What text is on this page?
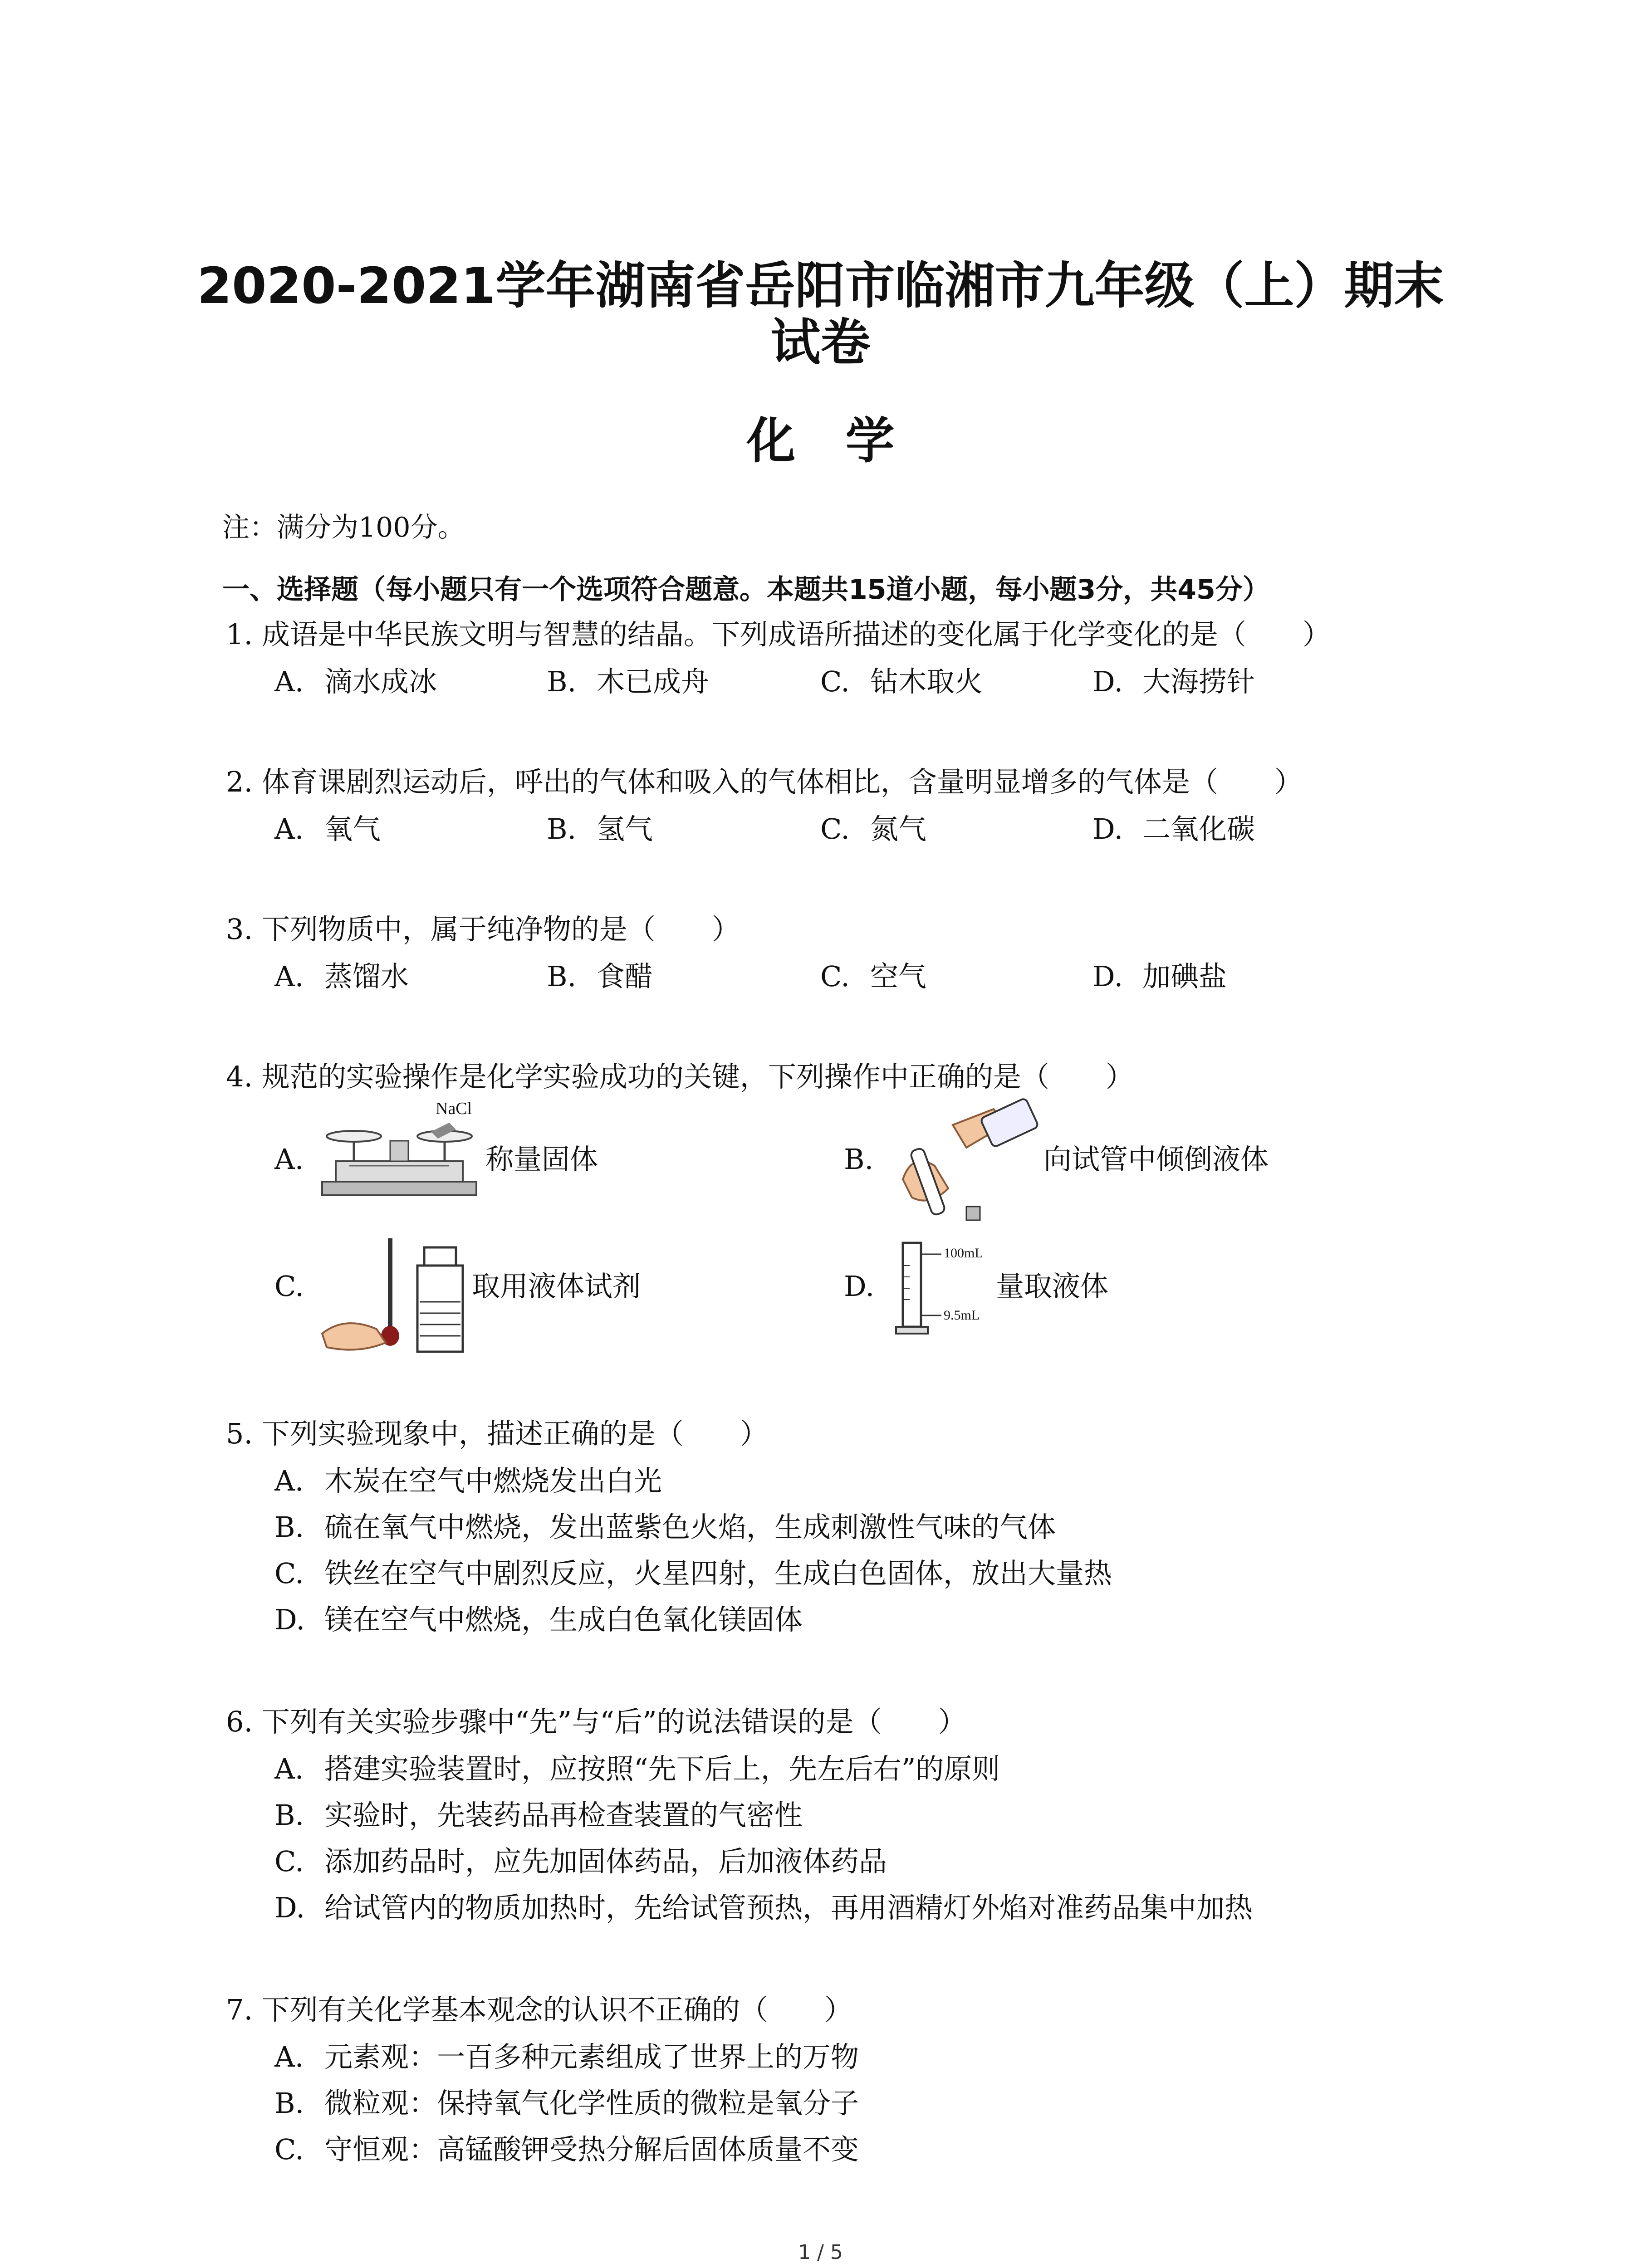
2020-2021学年湖南省岳阳市临湘市九年级（上）期末
试卷
化学
注：满分为100分。
一、选择题（每小题只有一个选项符合题意。本题共15道小题，每小题3分，共45分）
1. 成语是中华民族文明与智慧的结晶。下列成语所描述的变化属于化学变化的是（　　）
A. 滴水成冰	B. 木已成舟	C. 钻木取火	D. 大海捞针
2. 体育课剧烈运动后，呼出的气体和吸入的气体相比，含量明显增多的气体是（　　）
A. 氧气	B. 氢气	C. 氮气	D. 二氧化碳
3. 下列物质中，属于纯净物的是（　　）
A. 蒸馏水	B. 食醋	C. 空气	D. 加碘盐
4. 规范的实验操作是化学实验成功的关键，下列操作中正确的是（　　）
A.
NaCl
称量固体	B.	向试管中倾倒液体
C.	取用液体试剂	D.
100mL
9.5mL
量取液体
5. 下列实验现象中，描述正确的是（　　）
A. 木炭在空气中燃烧发出白光
B. 硫在氧气中燃烧，发出蓝紫色火焰，生成刺激性气味的气体
C. 铁丝在空气中剧烈反应，火星四射，生成白色固体，放出大量热
D. 镁在空气中燃烧，生成白色氧化镁固体
6. 下列有关实验步骤中“先”与“后”的说法错误的是（　　）
A. 搭建实验装置时，应按照“先下后上，先左后右”的原则
B. 实验时，先装药品再检查装置的气密性
C. 添加药品时，应先加固体药品，后加液体药品
D. 给试管内的物质加热时，先给试管预热，再用酒精灯外焰对准药品集中加热
7. 下列有关化学基本观念的认识不正确的（　　）
A. 元素观：一百多种元素组成了世界上的万物
B. 微粒观：保持氧气化学性质的微粒是氧分子
C. 守恒观：高锰酸钾受热分解后固体质量不变
1 / 5
